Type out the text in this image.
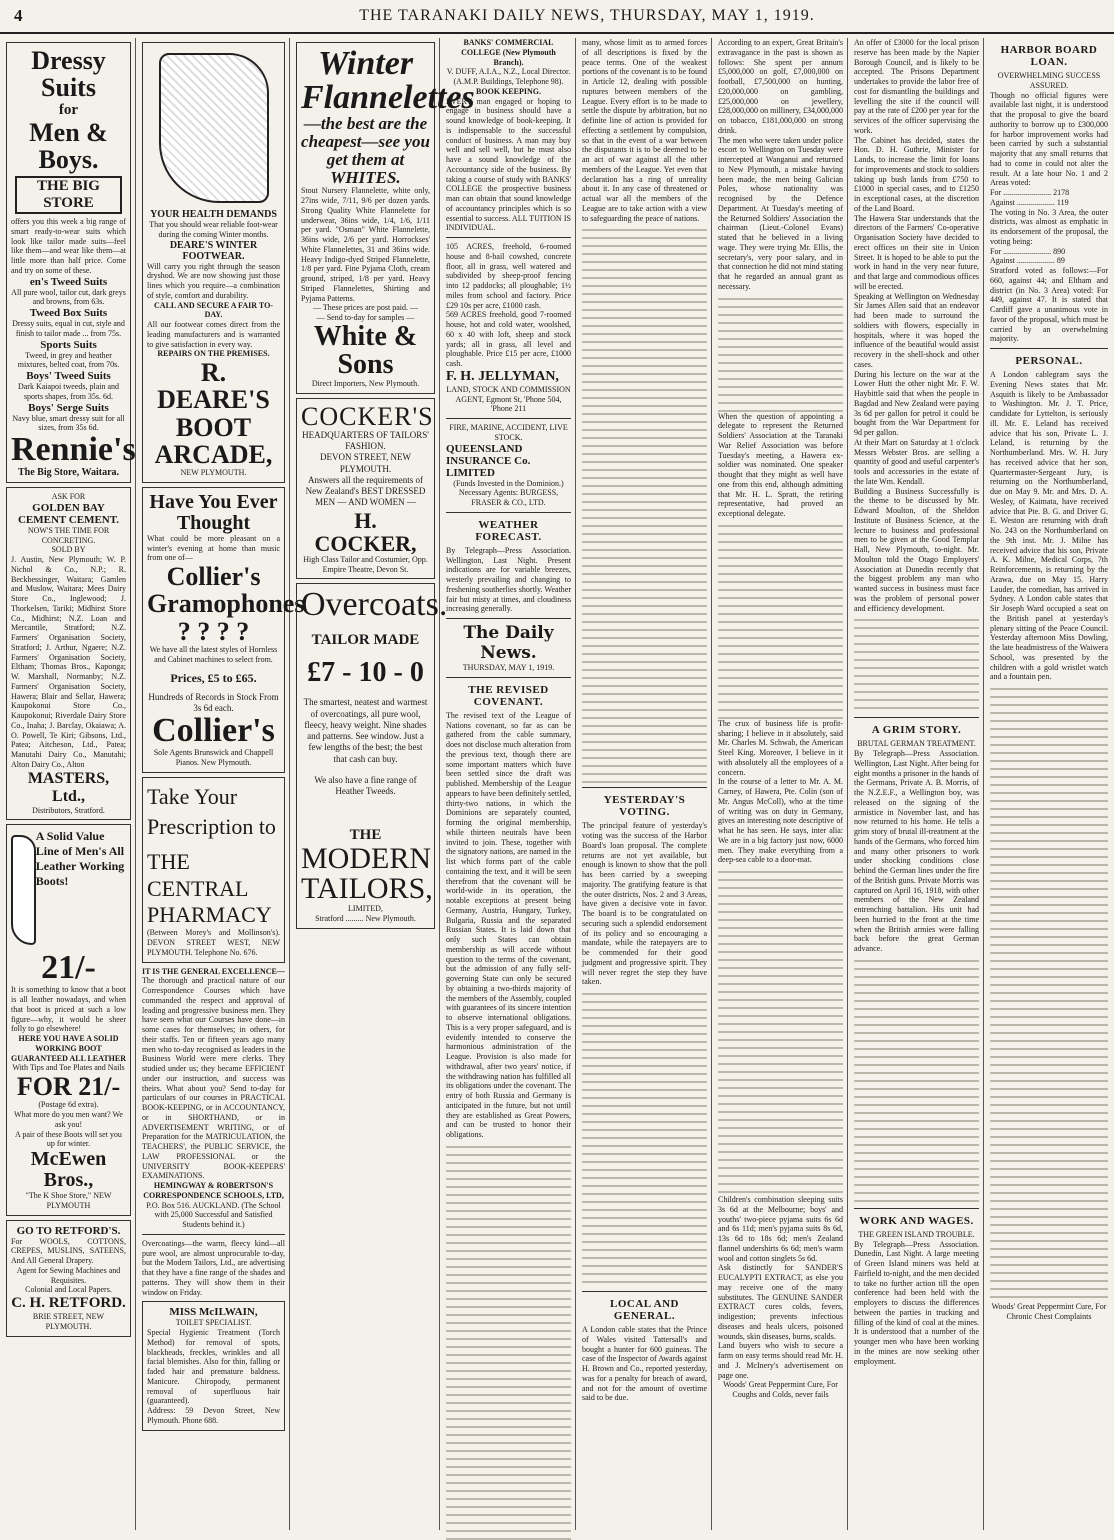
4	THE TARANAKI DAILY NEWS, THURSDAY, MAY 1, 1919.
Dressy Suits
for
Men & Boys.
THE BIG STORE
offers you this week a big range of smart ready-to-wear suits which look like tailor made suits—feel like them—and wear like them—at little more than half price. Come and try on some of these.
en's Tweed Suits
All pure wool, tailor cut, dark greys and browns, from 63s.
Tweed Box Suits
Dressy suits, equal in cut, style and finish to tailor made ... from 75s.
Sports Suits
Tweed, in grey and heather mixtures, belted coat, from 70s.
Boys' Tweed Suits
Dark Kaiapoi tweeds, plain and sports shapes, from 35s. 6d.
Boys' Serge Suits
Navy blue, smart dressy suit for all sizes, from 35s 6d.
Rennie's
The Big Store, Waitara.
ASK FOR
GOLDEN BAY CEMENT CEMENT.
NOW'S THE TIME FOR CONCRETING.
SOLD BY
J. Austin, New Plymouth; W. P. Nichol & Co., N.P.; R. Beckbessinger, Waitara; Gamlen and Muslow, Waitara; Mees Dairy Store Co., Inglewood; J. Thorkelsen, Tariki; Midhirst Store Co., Midhirst; N.Z. Loan and Mercantile, Stratford; N.Z. Farmers' Organisation Society, Stratford; J. Arthur, Ngaere; N.Z. Farmers' Organisation Society, Eltham; Thomas Bros., Kaponga; W. Marshall, Normanby; N.Z. Farmers' Organisation Society, Hawera; Blair and Sellar, Hawera; Kaupokonui Store Co., Kaupokonui; Riverdale Dairy Store Co., Inaha; J. Barclay, Okaiawa; A. O. Powell, Te Kiri; Gibsons, Ltd., Patea; Aitcheson, Ltd., Patea; Manutahi Dairy Co., Manutahi; Alton Dairy Co., Alton
MASTERS, Ltd.,
Distributors, Stratford.
A Solid Value Line of Men's All Leather Working Boots!
21/-
It is something to know that a boot is all leather nowadays, and when that boot is priced at such a low figure—why, it would be sheer folly to go elsewhere!
HERE YOU HAVE A SOLID WORKING BOOT GUARANTEED ALL LEATHER
With Tips and Toe Plates and Nails
FOR 21/-
(Postage 6d extra).
What more do you men want? We ask you!
A pair of these Boots will set you up for winter.
McEwen Bros.,
"The K Shoe Store," NEW PLYMOUTH
GO TO RETFORD'S.
For WOOLS, COTTONS, CREPES, MUSLINS, SATEENS, And All General Drapery.
Agent for Sewing Machines and Requisites.
Colonial and Local Papers.
C. H. RETFORD.
BRIE STREET, NEW PLYMOUTH.
YOUR HEALTH DEMANDS
That you should wear reliable foot-wear during the coming Winter months.
DEARE'S WINTER FOOTWEAR.
Will carry you right through the season dryshod. We are now showing just those lines which you require—a combination of style, comfort and durability.
CALL AND SECURE A FAIR TO-DAY.
All our footwear comes direct from the leading manufacturers and is warranted to give satisfaction in every way.
REPAIRS ON THE PREMISES.
R. DEARE'S
BOOT ARCADE,
NEW PLYMOUTH.
Have You Ever Thought
What could be more pleasant on a winter's evening at home than music from one of—
Collier's Gramophones
? ? ? ?
We have all the latest styles of Hornless and Cabinet machines to select from.
Prices, £5 to £65.
Hundreds of Records in Stock From 3s 6d each.
Collier's
Sole Agents Brunswick and Chappell Pianos. New Plymouth.
Take Your Prescription to
THE CENTRAL PHARMACY
(Between Morey's and Mollinson's). DEVON STREET WEST, NEW PLYMOUTH. Telephone No. 676.
IT IS THE GENERAL EXCELLENCE—
The thorough and practical nature of our Correspondence Courses which have commanded the respect and approval of leading and progressive business men. They have seen what our Courses have done—in some cases for themselves; in others, for their staffs. Ten or fifteen years ago many men who to-day recognised as leaders in the Business World were mere clerks. They studied under us; they became EFFICIENT under our instruction, and success was theirs. What about you? Send to-day for particulars of our courses in PRACTICAL BOOK-KEEPING, or in ACCOUNTANCY, or in SHORTHAND, or in ADVERTISEMENT WRITING, or of Preparation for the MATRICULATION, the TEACHERS', the PUBLIC SERVICE, the LAW PROFESSIONAL or the UNIVERSITY BOOK-KEEPERS' EXAMINATIONS.
HEMINGWAY & ROBERTSON'S CORRESPONDENCE SCHOOLS, LTD,
P.O. Box 516. AUCKLAND. (The School with 25,000 Successful and Satisfied Students behind it.)
Overcoatings—the warm, fleecy kind—all pure wool, are almost unprocurable to-day, but the Modern Tailors, Ltd., are advertising that they have a fine range of the shades and patterns. They will show them in their window on Friday.
MISS McILWAIN,
TOILET SPECIALIST.
Special Hygienic Treatment (Torch Method) for removal of spots, blackheads, freckles, wrinkles and all facial blemishes. Also for thin, falling or faded hair and premature baldness. Manicure. Chiropody, permanent removal of superfluous hair (guaranteed).
Address: 59 Devon Street, New Plymouth. Phone 688.
Winter Flannelettes
—the best are the cheapest—see you get them at WHITES.
Stout Nursery Flannelette, white only, 27ins wide, 7/11, 9/6 per dozen yards. Strong Quality White Flannelette for underwear, 36ins wide, 1/4, 1/6, 1/11 per yard. "Osman" White Flannelette, 36ins wide, 2/6 per yard. Horrockses' White Flannelettes, 31 and 36ins wide. Heavy Indigo-dyed Striped Flannelette, 1/8 per yard. Fine Pyjama Cloth, cream ground, striped, 1/8 per yard. Heavy Striped Flannelettes, Shirting and Pyjama Patterns.
— These prices are post paid. —
— Send to-day for samples —
White & Sons
Direct Importers, New Plymouth.
COCKER'S
HEADQUARTERS OF TAILORS' FASHION.
DEVON STREET, NEW PLYMOUTH.
Answers all the requirements of New Zealand's BEST DRESSED MEN — AND WOMEN —
H. COCKER,
High Class Tailor and Costumier, Opp. Empire Theatre, Devon St.
Overcoats.
TAILOR MADE
£7 - 10 - 0
The smartest, neatest and warmest of overcoatings, all pure wool, fleecy, heavy weight. Nine shades and patterns. See window. Just a few lengths of the best; the best that cash can buy.
We also have a fine range of Heather Tweeds.
THE
MODERN TAILORS,
LIMITED,
Stratford ......... New Plymouth.
BANKS' COMMERCIAL COLLEGE (New Plymouth Branch).
V. DUFF, A.I.A., N.Z., Local Director. (A.M.P. Buildings, Telephone 98).
BOOK KEEPING.
EVERY man engaged or hoping to engage in business should have a sound knowledge of book-keeping. It is indispensable to the successful conduct of business. A man may buy well and sell well, but he must also have a sound knowledge of the Accountancy side of the business. By taking a course of study with BANKS' COLLEGE the prospective business man can obtain that sound knowledge of accountancy principles which is so essential to success. ALL TUITION IS INDIVIDUAL.
105 ACRES, freehold, 6-roomed house and 8-bail cowshed, concrete floor, all in grass, well watered and subdivided by sheep-proof fencing into 12 paddocks; all ploughable; 1½ miles from school and factory. Price £29 10s per acre, £1000 cash.
569 ACRES freehold, good 7-roomed house, hot and cold water, woolshed, 60 x 40 with loft, sheep and stock yards; all in grass, all level and ploughable. Price £15 per acre, £1000 cash.
F. H. JELLYMAN,
LAND, STOCK AND COMMISSION AGENT, Egmont St, 'Phone 504, 'Phone 211
FIRE, MARINE, ACCIDENT, LIVE STOCK.
QUEENSLAND INSURANCE Co. LIMITED
(Funds Invested in the Dominion.) Necessary Agents: BURGESS, FRASER & CO., LTD.
WEATHER FORECAST.
By Telegraph—Press Association. Wellington, Last Night. Present indications are for variable breezes, westerly prevailing and changing to freshening southerlies shortly. Weather fair but misty at times, and cloudiness increasing generally.
The Daily News.
THURSDAY, MAY 1, 1919.
THE REVISED COVENANT.
The revised text of the League of Nations covenant, so far as can be gathered from the cable summary, does not disclose much alteration from the previous text, though there are some important matters which have been settled since the draft was published. Membership of the League appears to have been definitely settled, thirty-two nations, in which the Dominions are separately counted, forming the original membership, while thirteen neutrals have been invited to join. These, together with the signatory nations, are named in the list which forms part of the cable containing the text, and it will be seen therefrom that the covenant will be world-wide in its operation, the notable exceptions at present being Germany, Austria, Hungary, Turkey, Bulgaria, Russia and the separated Russian States. It is laid down that only such States can obtain membership as will accede without question to the terms of the covenant, but the admission of any fully self-governing State can only be secured by obtaining a two-thirds majority of the members of the Assembly, coupled with guarantees of its sincere intention to observe international obligations. This is a very proper safeguard, and is evidently intended to conserve the harmonious administration of the League. Provision is also made for withdrawal, after two years' notice, if the withdrawing nation has fulfilled all its obligations under the covenant. The entry of both Russia and Germany is anticipated in the future, but not until they are established as Great Powers, and can be trusted to honor their obligations.
many, whose limit as to armed forces of all descriptions is fixed by the peace terms. One of the weakest portions of the covenant is to be found in Article 12, dealing with possible ruptures between members of the League. Every effort is to be made to settle the dispute by arbitration, but no definite line of action is provided for effecting a settlement by compulsion, so that in the event of a war between the disputants it is to be deemed to be an act of war against all the other members of the League. Yet even that declaration has a ring of unreality about it. In any case of threatened or actual war all the members of the League are to take action with a view to safeguarding the peace of nations.
YESTERDAY'S VOTING.
The principal feature of yesterday's voting was the success of the Harbor Board's loan proposal. The complete returns are not yet available, but enough is known to show that the poll has been carried by a sweeping majority. The gratifying feature is that the outer districts, Nos. 2 and 3 Areas, have given a decisive vote in favor. The board is to be congratulated on securing such a splendid endorsement of its policy and so encouraging a mandate, while the ratepayers are to be commended for their good judgment and progressive spirit. They will never regret the step they have taken.
LOCAL AND GENERAL.
A London cable states that the Prince of Wales visited Tattersall's and bought a hunter for 600 guineas. The case of the Inspector of Awards against H. Brown and Co., reported yesterday, was for a penalty for breach of award, and not for the amount of overtime said to be due.
According to an expert, Great Britain's extravagance in the past is shown as follows: She spent per annum £5,000,000 on golf, £7,000,000 on football, £7,500,000 on hunting, £20,000,000 on gambling, £25,000,000 on jewellery, £28,000,000 on millinery, £34,000,000 on tobacco, £181,000,000 on strong drink.
The men who were taken under police escort to Wellington on Tuesday were intercepted at Wanganui and returned to New Plymouth, a mistake having been made, the men being Galician Poles, whose nationality was recognised by the Defence Department. At Tuesday's meeting of the Returned Soldiers' Association the chairman (Lieut.-Colonel Evans) stated that he believed in a living wage. They were trying Mr. Ellis, the secretary's, very poor salary, and in that connection he did not mind stating that he regarded an annual grant as necessary.
When the question of appointing a delegate to represent the Returned Soldiers' Association at the Taranaki War Relief Association was before Tuesday's meeting, a Hawera ex-soldier was nominated. One speaker thought that they might as well have one from this end, although admitting that Mr. H. L. Spratt, the retiring representative, had proved an exceptional delegate.
The crux of business life is profit-sharing; I believe in it absolutely, said Mr. Charles M. Schwab, the American Steel King. Moreover, I believe in it with absolutely all the employees of a concern.
In the course of a letter to Mr. A. M. Carney, of Hawera, Pte. Colin (son of Mr. Angus McColl), who at the time of writing was on duty in Germany, gives an interesting note descriptive of what he has seen. He says, inter alia: We are in a big factory just now, 6000 men. They make everything from a deep-sea cable to a door-mat.
Children's combination sleeping suits 3s 6d at the Melbourne; boys' and youths' two-piece pyjama suits 6s 6d and 6s 11d; men's pyjama suits 8s 6d, 13s 6d to 18s 6d; men's Zealand flannel undershirts 6s 6d; men's warm wool and cotton singlets 5s 6d.
Ask distinctly for SANDER'S EUCALYPTI EXTRACT, as else you may receive one of the many substitutes. The GENUINE SANDER EXTRACT cures colds, fevers, indigestion; prevents infectious diseases and heals ulcers, poisoned wounds, skin diseases, burns, scalds.
Land buyers who wish to secure a farm on easy terms should read Mr. H. and J. McInery's advertisement on page one.
Woods' Great Peppermint Cure, For Coughs and Colds, never fails
An offer of £3000 for the local prison reserve has been made by the Napier Borough Council, and is likely to be accepted. The Prisons Department undertakes to provide the labor free of cost for dismantling the buildings and levelling the site if the council will pay at the rate of £200 per year for the services of the officer supervising the work.
The Cabinet has decided, states the Hon. D. H. Guthrie, Minister for Lands, to increase the limit for loans for improvements and stock to soldiers taking up bush lands from £750 to £1000 in special cases, and to £1250 in exceptional cases, at the discretion of the Land Board.
The Hawera Star understands that the directors of the Farmers' Co-operative Organisation Society have decided to erect offices on their site in Union Street. It is hoped to be able to put the work in hand in the very near future, and that large and commodious offices will be erected.
Speaking at Wellington on Wednesday Sir James Allen said that an endeavor had been made to surround the soldiers with flowers, especially in hospitals, where it was hoped the influence of the beautiful would assist recovery in the shell-shock and other cases.
During his lecture on the war at the Lower Hutt the other night Mr. F. W. Haybittle said that when the people in Bagdad and New Zealand were paying 3s 6d per gallon for petrol it could be bought from the War Department for 9d per gallon.
At their Mart on Saturday at 1 o'clock Messrs Webster Bros. are selling a quantity of good and useful carpenter's tools and accessories in the estate of the late Wm. Kendall.
Building a Business Successfully is the theme to be discussed by Mr. Edward Moulton, of the Sheldon Institute of Business Science, at the lecture to business and professional men to be given at the Good Templar Hall, New Plymouth, to-night. Mr. Moulton told the Otago Employers' Association at Dunedin recently that the biggest problem any man who wanted success in business must face was the problem of personal power and efficiency development.
A GRIM STORY.
BRUTAL GERMAN TREATMENT.
By Telegraph—Press Association. Wellington, Last Night. After being for eight months a prisoner in the hands of the Germans, Private A. B. Morris, of the N.Z.E.F., a Wellington boy, was released on the signing of the armistice in November last, and has now returned to his home. He tells a grim story of brutal ill-treatment at the hands of the Germans, who forced him and many other prisoners to work under shocking conditions close behind the German lines under the fire of the British guns. Private Morris was captured on April 16, 1918, with other members of the New Zealand entrenching battalion. His unit had been hurried to the front at the time when the British armies were falling back before the great German advance.
WORK AND WAGES.
THE GREEN ISLAND TROUBLE.
By Telegraph—Press Association. Dunedin, Last Night. A large meeting of Green Island miners was held at Fairfield to-night, and the men decided to take no further action till the open conference had been held with the employers to discuss the differences between the parties in trucking and filling of the kind of coal at the mines. It is understood that a number of the younger men who have been working in the mines are now seeking other employment.
HARBOR BOARD LOAN.
OVERWHELMING SUCCESS ASSURED.
Though no official figures were available last night, it is understood that the proposal to give the board authority to borrow up to £300,000 for harbor improvement works had been carried by such a substantial majority that any small returns that had to come in could not alter the result. At a late hour No. 1 and 2 Areas voted:
For ........................ 2178
Against ................... 119
The voting in No. 3 Area, the outer districts, was almost as emphatic in its endorsement of the proposal, the voting being:
For ........................ 890
Against ................... 89
Stratford voted as follows:—For 660, against 44; and Eltham and district (in No. 3 Area) voted: For 449, against 47. It is stated that Cardiff gave a unanimous vote in favor of the proposal, which must be carried by an overwhelming majority.
PERSONAL.
A London cablegram says the Evening News states that Mr. Asquith is likely to be Ambassador to Washington. Mr. J. T. Price, candidate for Lyttelton, is seriously ill. Mr. E. Leland has received advice that his son, Private L. J. Leland, is returning by the Northumberland. Mrs. W. H. Jury has received advice that her son, Quartermaster-Sergeant Jury, is returning on the Northumberland, due on May 9. Mr. and Mrs. D. A. Wesley, of Kaimata, have received advice that Pte. B. G. and Driver G. E. Weston are returning with draft No. 243 on the Northumberland on the 9th inst. Mr. J. Milne has received advice that his son, Private A. K. Milne, Medical Corps, 7th Reinforcements, is returning by the Arawa, due on May 15. Harry Lauder, the comedian, has arrived in Sydney. A London cable states that Sir Joseph Ward occupied a seat on the British panel at yesterday's plenary sitting of the Peace Council. Yesterday afternoon Miss Dowling, the late headmistress of the Waiwera School, was presented by the children with a gold wristlet watch and a fountain pen.
Woods' Great Peppermint Cure, For Chronic Chest Complaints
